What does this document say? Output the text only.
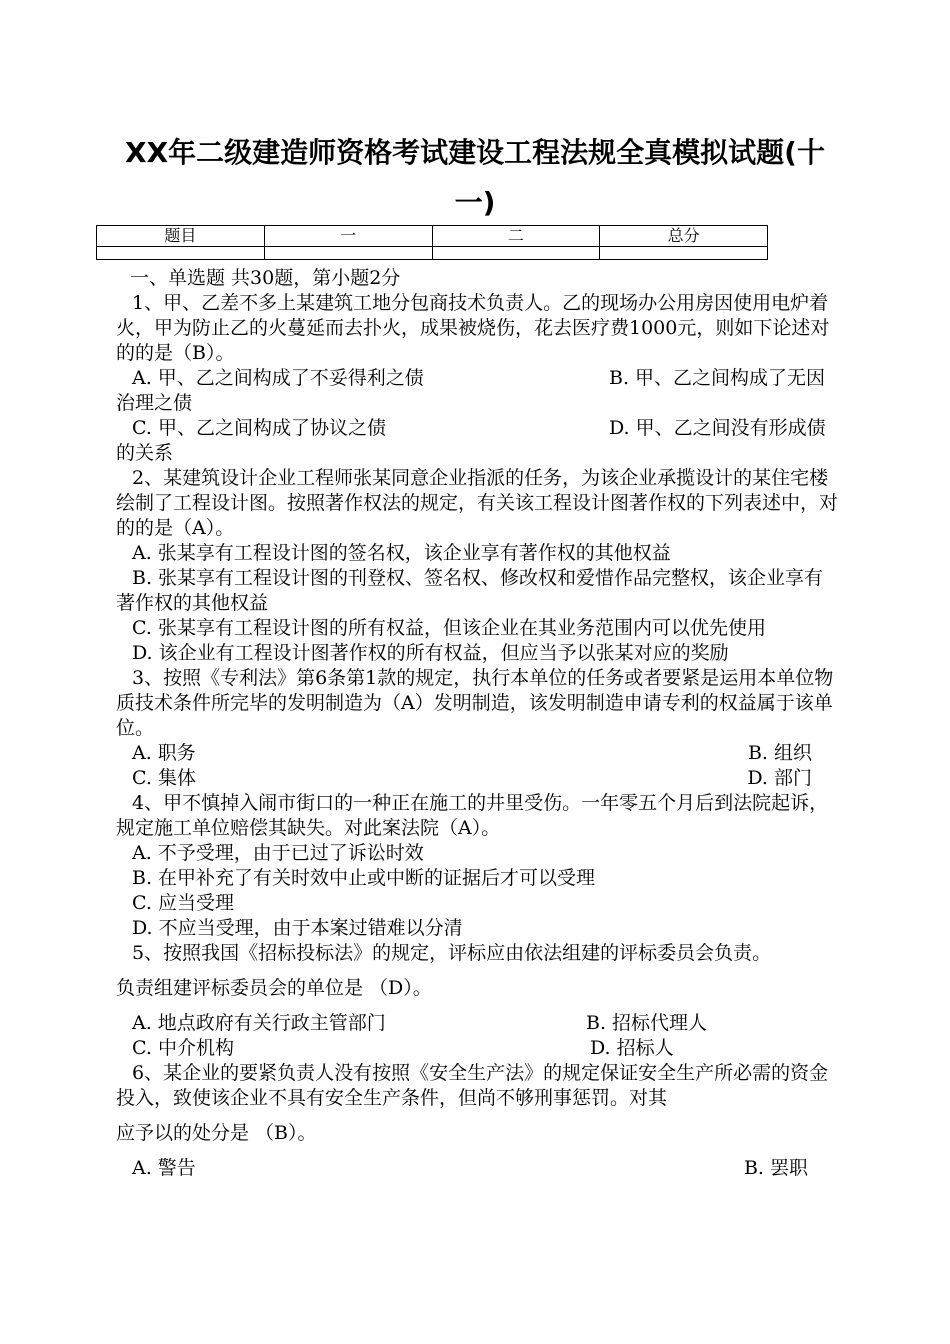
XX年二级建造师资格考试建设工程法规全真模拟试题(十一)
题目	一	二	总分

一、单选题 共30题，第小题2分
1、甲、乙差不多上某建筑工地分包商技术负责人。乙的现场办公用房因使用电炉着火，甲为防止乙的火蔓延而去扑火，成果被烧伤，花去医疗费1000元，则如下论述对的的是（B）。
A. 甲、乙之间构成了不妥得利之债	B. 甲、乙之间构成了无因治理之债
C. 甲、乙之间构成了协议之债	D. 甲、乙之间没有形成债的关系
2、某建筑设计企业工程师张某同意企业指派的任务，为该企业承揽设计的某住宅楼绘制了工程设计图。按照著作权法的规定，有关该工程设计图著作权的下列表述中，对的的是（A）。
A. 张某享有工程设计图的签名权，该企业享有著作权的其他权益
B. 张某享有工程设计图的刊登权、签名权、修改权和爱惜作品完整权，该企业享有著作权的其他权益
C. 张某享有工程设计图的所有权益，但该企业在其业务范围内可以优先使用
D. 该企业有工程设计图著作权的所有权益，但应当予以张某对应的奖励
3、按照《专利法》第6条第1款的规定，执行本单位的任务或者要紧是运用本单位物质技术条件所完毕的发明制造为（A）发明制造，该发明制造申请专利的权益属于该单位。
A. 职务	B. 组织
C. 集体	D. 部门
4、甲不慎掉入闹市街口的一种正在施工的井里受伤。一年零五个月后到法院起诉，规定施工单位赔偿其缺失。对此案法院（A）。
A. 不予受理，由于已过了诉讼时效
B. 在甲补充了有关时效中止或中断的证据后才可以受理
C. 应当受理
D. 不应当受理，由于本案过错难以分清
5、按照我国《招标投标法》的规定，评标应由依法组建的评标委员会负责。
负责组建评标委员会的单位是 （D）。
A. 地点政府有关行政主管部门	B. 招标代理人
C. 中介机构	D. 招标人
6、某企业的要紧负责人没有按照《安全生产法》的规定保证安全生产所必需的资金投入，致使该企业不具有安全生产条件，但尚不够刑事惩罚。对其
应予以的处分是 （B）。
A. 警告	B. 罢职
